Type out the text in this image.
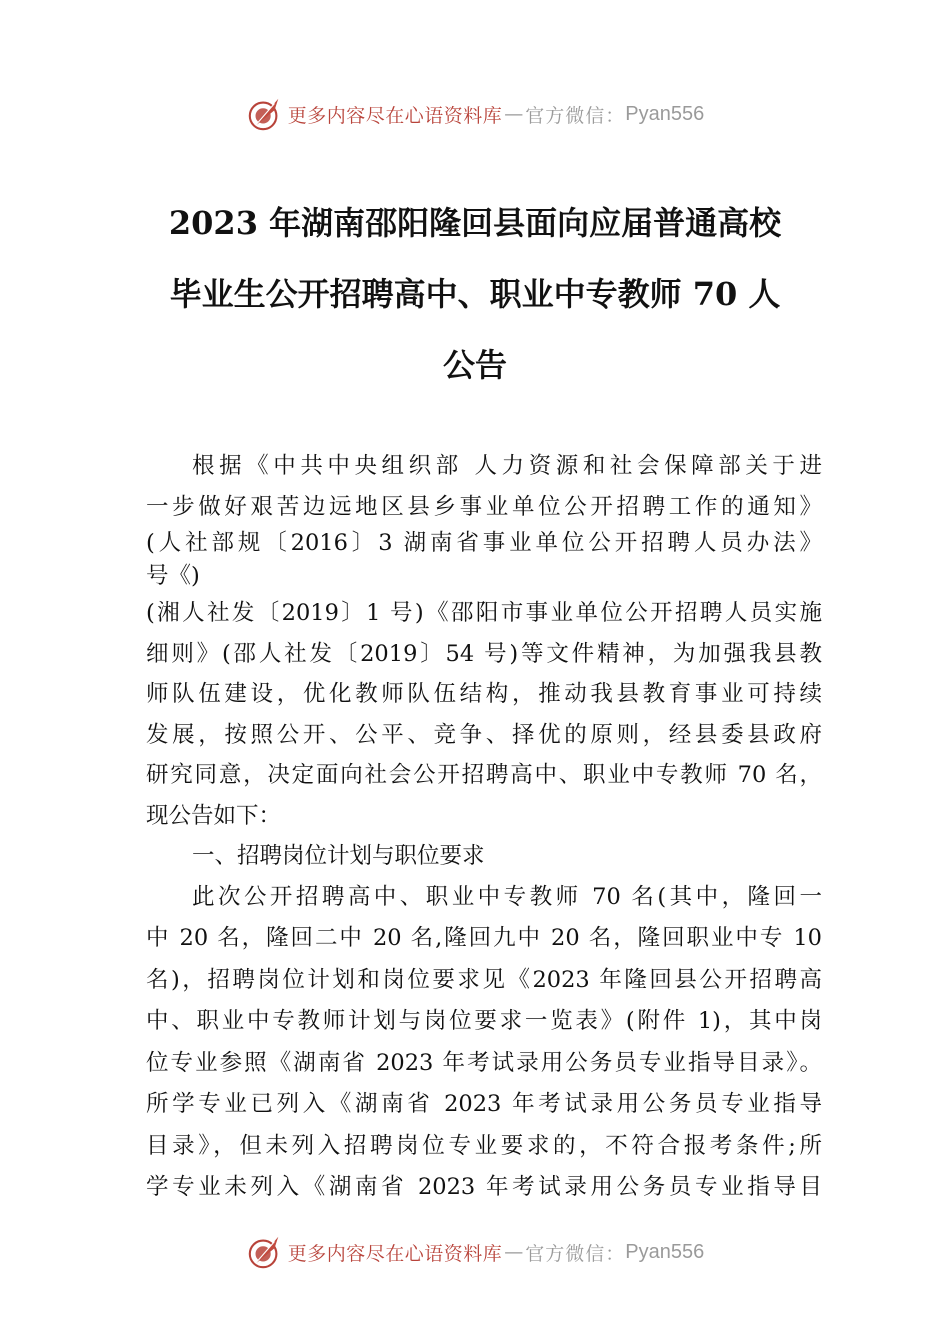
更多内容尽在心语资料库 — 官方微信： Pyan556
2023 年湖南邵阳隆回县面向应届普通高校
毕业生公开招聘高中、职业中专教师 70 人
公告
根据《中共中央组织部 人力资源和社会保障部关于进
一步做好艰苦边远地区县乡事业单位公开招聘工作的通知》
(人社部规〔2016〕3 湖南省事业单位公开招聘人员办法》
号《)
(湘人社发〔2019〕1 号)《邵阳市事业单位公开招聘人员实施
细则》(邵人社发〔2019〕54 号)等文件精神，为加强我县教
师队伍建设，优化教师队伍结构，推动我县教育事业可持续
发展，按照公开、公平、竞争、择优的原则，经县委县政府
研究同意，决定面向社会公开招聘高中、职业中专教师 70 名，
现公告如下：
一、招聘岗位计划与职位要求
此次公开招聘高中、职业中专教师 70 名(其中，隆回一
中 20 名，隆回二中 20 名,隆回九中 20 名，隆回职业中专 10
名)，招聘岗位计划和岗位要求见《2023 年隆回县公开招聘高
中、职业中专教师计划与岗位要求一览表》(附件 1)，其中岗
位专业参照《湖南省 2023 年考试录用公务员专业指导目录》。
所学专业已列入《湖南省 2023 年考试录用公务员专业指导
目录》，但未列入招聘岗位专业要求的，不符合报考条件;所
学专业未列入《湖南省 2023 年考试录用公务员专业指导目
更多内容尽在心语资料库 — 官方微信： Pyan556
